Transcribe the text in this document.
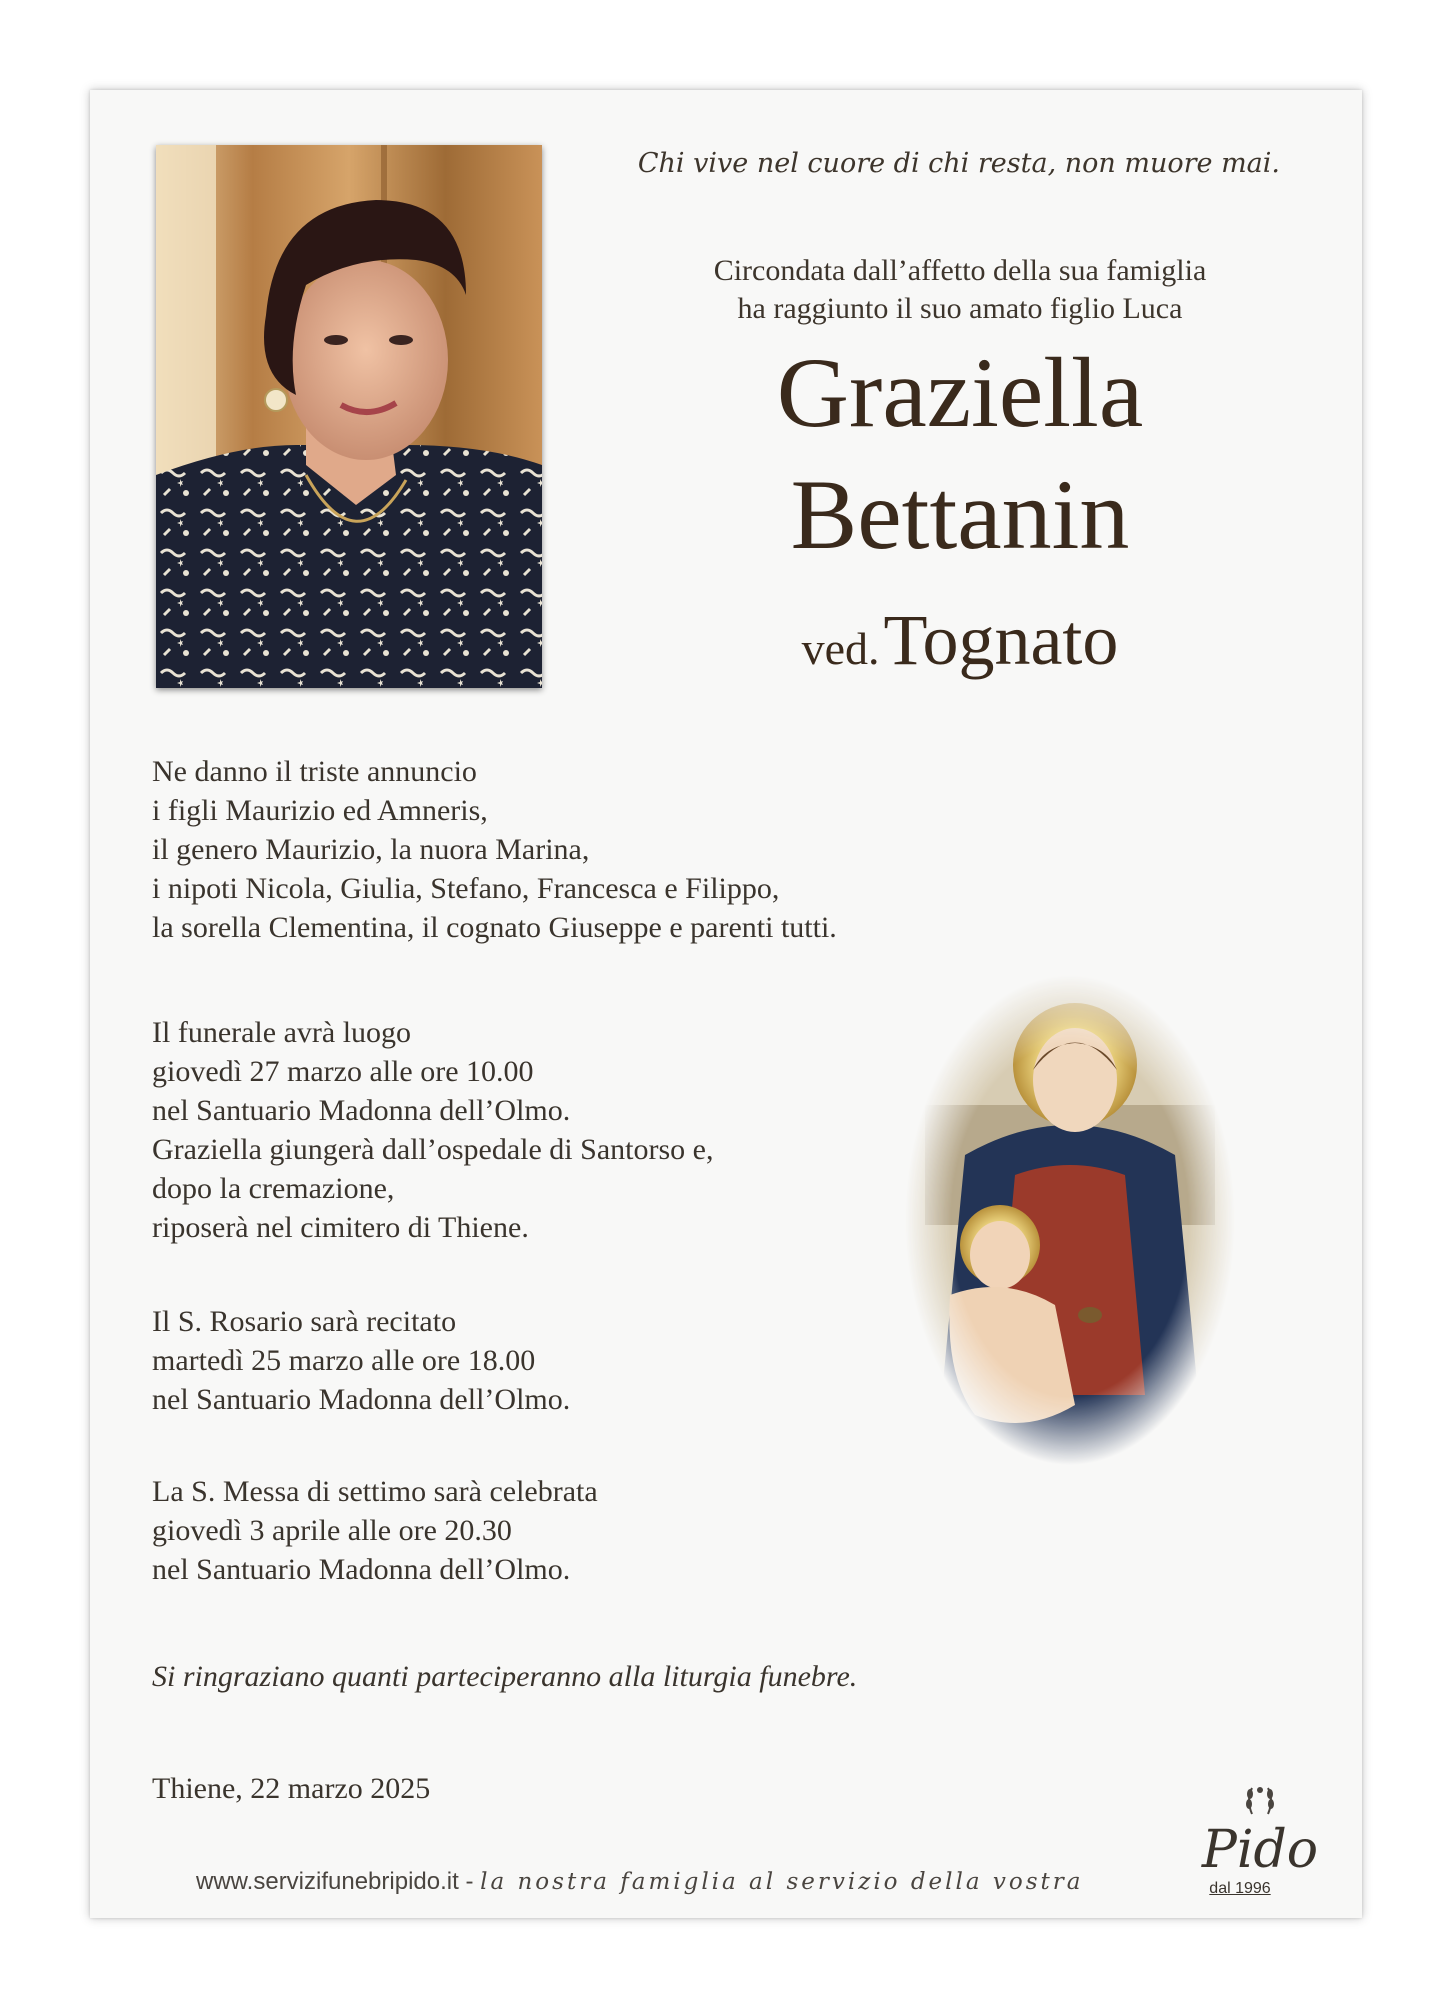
Chi vive nel cuore di chi resta, non muore mai.
Circondata dall’affetto della sua famiglia
ha raggiunto il suo amato figlio Luca
Graziella
Bettanin
ved. Tognato
Ne danno il triste annuncio
i figli Maurizio ed Amneris,
il genero Maurizio, la nuora Marina,
i nipoti Nicola, Giulia, Stefano, Francesca e Filippo,
la sorella Clementina, il cognato Giuseppe e parenti tutti.
Il funerale avrà luogo
giovedì 27 marzo alle ore 10.00
nel Santuario Madonna dell’Olmo.
Graziella giungerà dall’ospedale di Santorso e,
dopo la cremazione,
riposerà nel cimitero di Thiene.
Il S. Rosario sarà recitato
martedì 25 marzo alle ore 18.00
nel Santuario Madonna dell’Olmo.
La S. Messa di settimo sarà celebrata
giovedì 3 aprile alle ore 20.30
nel Santuario Madonna dell’Olmo.
Si ringraziano quanti parteciperanno alla liturgia funebre.
Thiene, 22 marzo 2025
www.servizifunebripido.it - la nostra famiglia al servizio della vostra
Pido
dal 1996
